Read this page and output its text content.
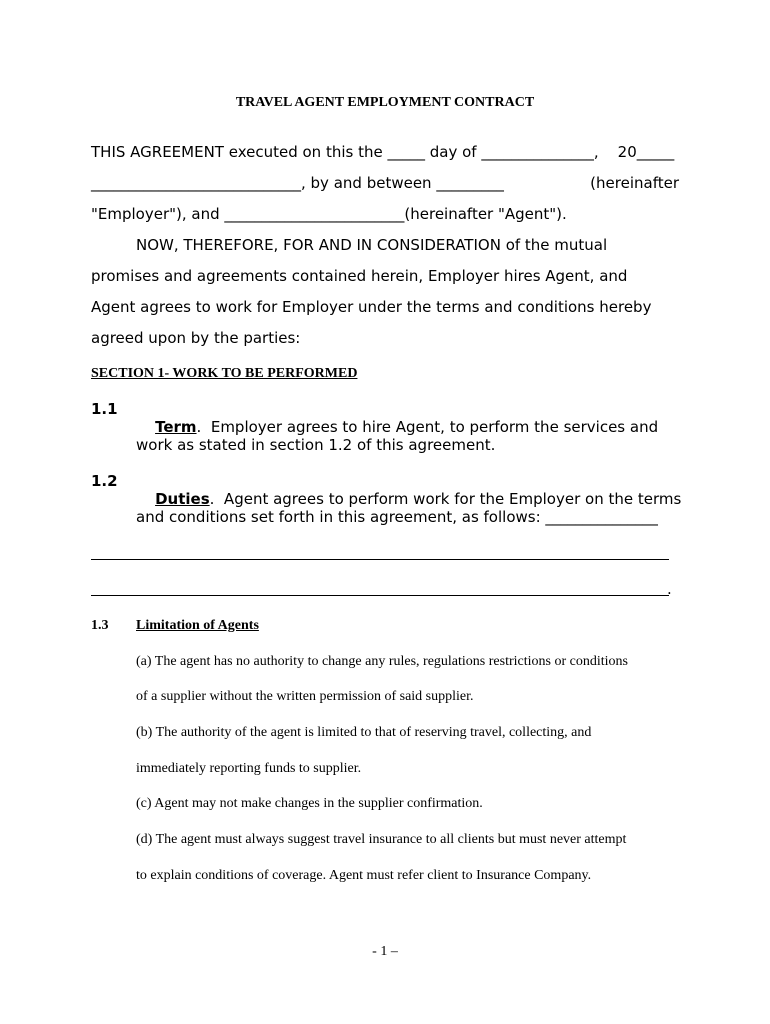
TRAVEL AGENT EMPLOYMENT CONTRACT
THIS AGREEMENT executed on this the _____ day of _______________,    20_____
____________________________, by and between _________	(hereinafter
"Employer"), and ________________________(hereinafter "Agent").
NOW, THEREFORE, FOR AND IN CONSIDERATION of the mutual
promises and agreements contained herein, Employer hires Agent, and
Agent agrees to work for Employer under the terms and conditions hereby
agreed upon by the parties:
SECTION 1- WORK TO BE PERFORMED
1.1

Term.  Employer agrees to hire Agent, to perform the services and

work as stated in section 1.2 of this agreement.
1.2

Duties.  Agent agrees to perform work for the Employer on the terms

and conditions set forth in this agreement, as follows: _______________
.
1.3 Limitation of Agents
(a) The agent has no authority to change any rules, regulations restrictions or conditions
of a supplier without the written permission of said supplier.
(b) The authority of the agent is limited to that of reserving travel, collecting, and
immediately reporting funds to supplier.
(c) Agent may not make changes in the supplier confirmation.
(d) The agent must always suggest travel insurance to all clients but must never attempt
to explain conditions of coverage. Agent must refer client to Insurance Company.
- 1 –
